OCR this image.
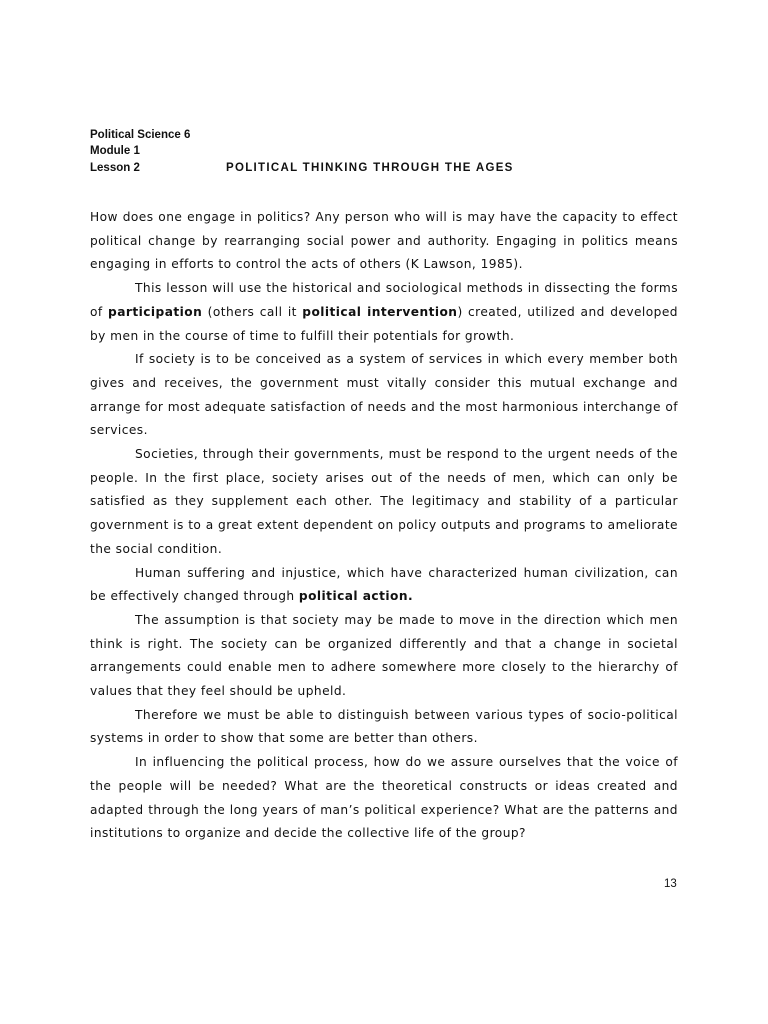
Political Science 6
Module 1
Lesson 2	POLITICAL THINKING THROUGH THE AGES

How does one engage in politics? Any person who will is may have the capacity to effect political change by rearranging social power and authority. Engaging in politics means engaging in efforts to control the acts of others (K Lawson, 1985).

This lesson will use the historical and sociological methods in dissecting the forms of participation (others call it political intervention) created, utilized and developed by men in the course of time to fulfill their potentials for growth.

If society is to be conceived as a system of services in which every member both gives and receives, the government must vitally consider this mutual exchange and arrange for most adequate satisfaction of needs and the most harmonious interchange of services.

Societies, through their governments, must be respond to the urgent needs of the people. In the first place, society arises out of the needs of men, which can only be satisfied as they supplement each other. The legitimacy and stability of a particular government is to a great extent dependent on policy outputs and programs to ameliorate the social condition.

Human suffering and injustice, which have characterized human civilization, can be effectively changed through political action.

The assumption is that society may be made to move in the direction which men think is right. The society can be organized differently and that a change in societal arrangements could enable men to adhere somewhere more closely to the hierarchy of values that they feel should be upheld.

Therefore we must be able to distinguish between various types of socio-political systems in order to show that some are better than others.

In influencing the political process, how do we assure ourselves that the voice of the people will be needed? What are the theoretical constructs or ideas created and adapted through the long years of man’s political experience? What are the patterns and institutions to organize and decide the collective life of the group?

13
